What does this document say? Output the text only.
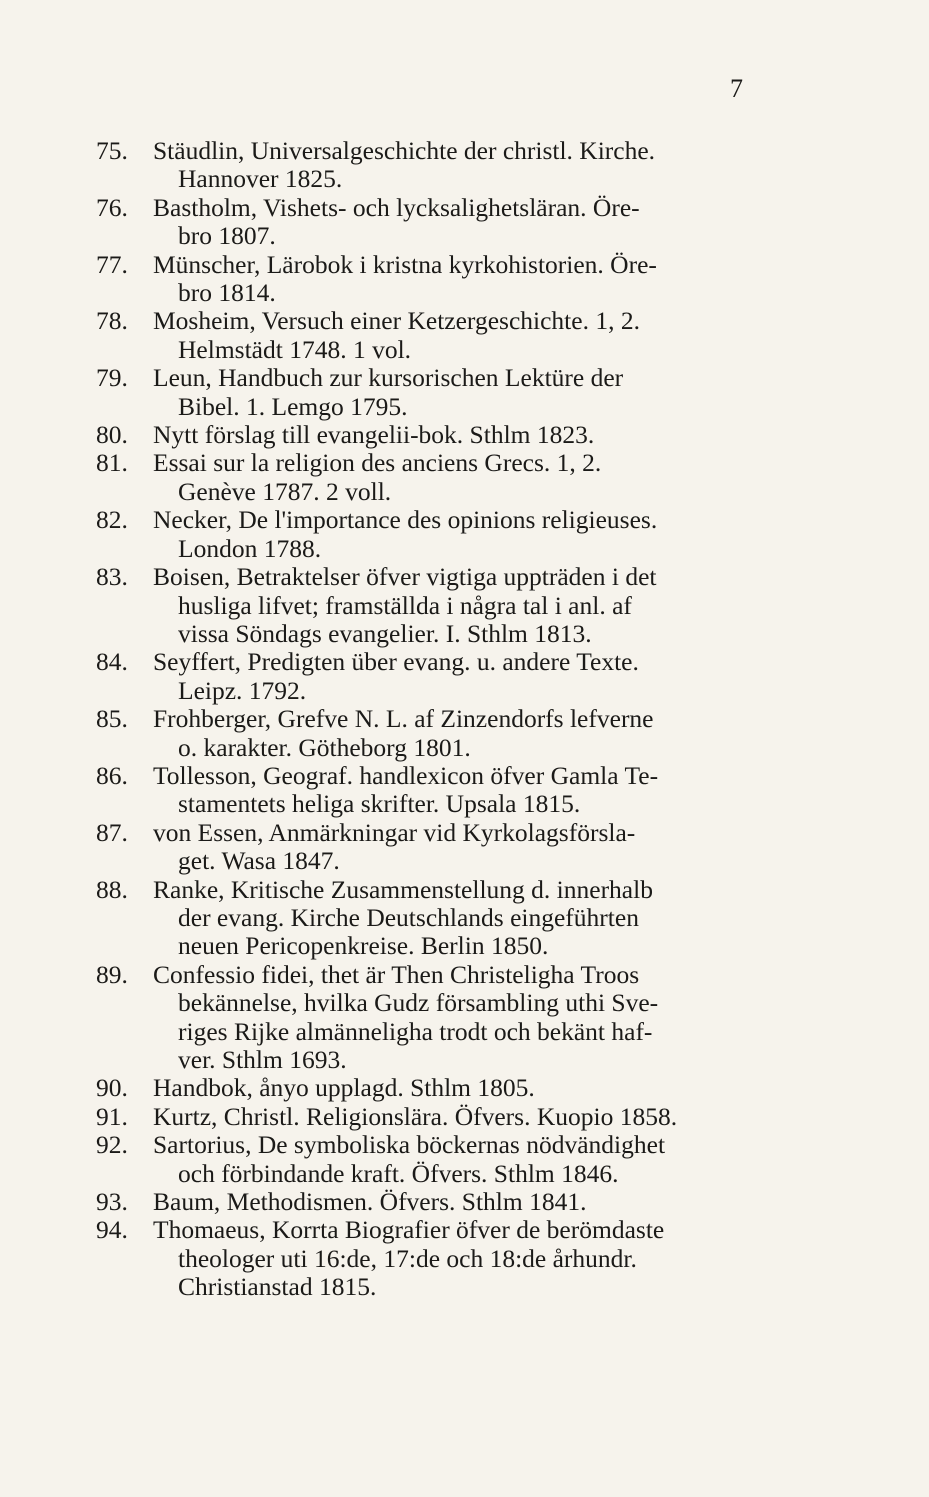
7
75. Stäudlin, Universalgeschichte der christl. Kirche.
Hannover 1825.
76. Bastholm, Vishets- och lycksalighetsläran. Öre-
bro 1807.
77. Münscher, Lärobok i kristna kyrkohistorien. Öre-
bro 1814.
78. Mosheim, Versuch einer Ketzergeschichte. 1, 2.
Helmstädt 1748. 1 vol.
79. Leun, Handbuch zur kursorischen Lektüre der
Bibel. 1. Lemgo 1795.
80. Nytt förslag till evangelii-bok. Sthlm 1823.
81. Essai sur la religion des anciens Grecs. 1, 2.
Genève 1787. 2 voll.
82. Necker, De l'importance des opinions religieuses.
London 1788.
83. Boisen, Betraktelser öfver vigtiga uppträden i det
husliga lifvet; framställda i några tal i anl. af
vissa Söndags evangelier. I. Sthlm 1813.
84. Seyffert, Predigten über evang. u. andere Texte.
Leipz. 1792.
85. Frohberger, Grefve N. L. af Zinzendorfs lefverne
o. karakter. Götheborg 1801.
86. Tollesson, Geograf. handlexicon öfver Gamla Te-
stamentets heliga skrifter. Upsala 1815.
87. von Essen, Anmärkningar vid Kyrkolagsförsla-
get. Wasa 1847.
88. Ranke, Kritische Zusammenstellung d. innerhalb
der evang. Kirche Deutschlands eingeführten
neuen Pericopenkreise. Berlin 1850.
89. Confessio fidei, thet är Then Christeligha Troos
bekännelse, hvilka Gudz försambling uthi Sve-
riges Rijke almänneligha trodt och bekänt haf-
ver. Sthlm 1693.
90. Handbok, ånyo upplagd. Sthlm 1805.
91. Kurtz, Christl. Religionslära. Öfvers. Kuopio 1858.
92. Sartorius, De symboliska böckernas nödvändighet
och förbindande kraft. Öfvers. Sthlm 1846.
93. Baum, Methodismen. Öfvers. Sthlm 1841.
94. Thomaeus, Korrta Biografier öfver de berömdaste
theologer uti 16:de, 17:de och 18:de århundr.
Christianstad 1815.
